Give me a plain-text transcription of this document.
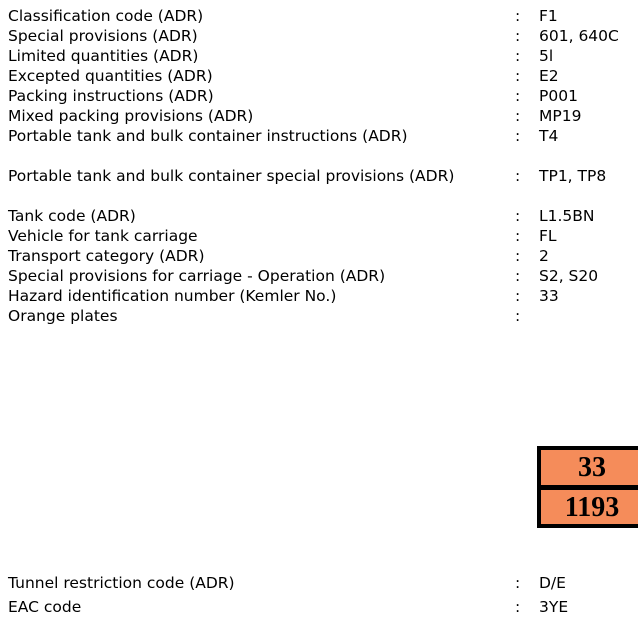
Classification code (ADR)	: F1
Special provisions (ADR)	: 601, 640C
Limited quantities (ADR)	: 5l
Excepted quantities (ADR)	: E2
Packing instructions (ADR)	: P001
Mixed packing provisions (ADR)	: MP19
Portable tank and bulk container instructions (ADR)	: T4
Portable tank and bulk container special provisions (ADR)	: TP1, TP8
Tank code (ADR)	: L1.5BN
Vehicle for tank carriage	: FL
Transport category (ADR)	: 2
Special provisions for carriage - Operation (ADR)	: S2, S20
Hazard identification number (Kemler No.)	: 33
Orange plates	:
33
1193
Tunnel restriction code (ADR)	: D/E
EAC code	: 3YE
